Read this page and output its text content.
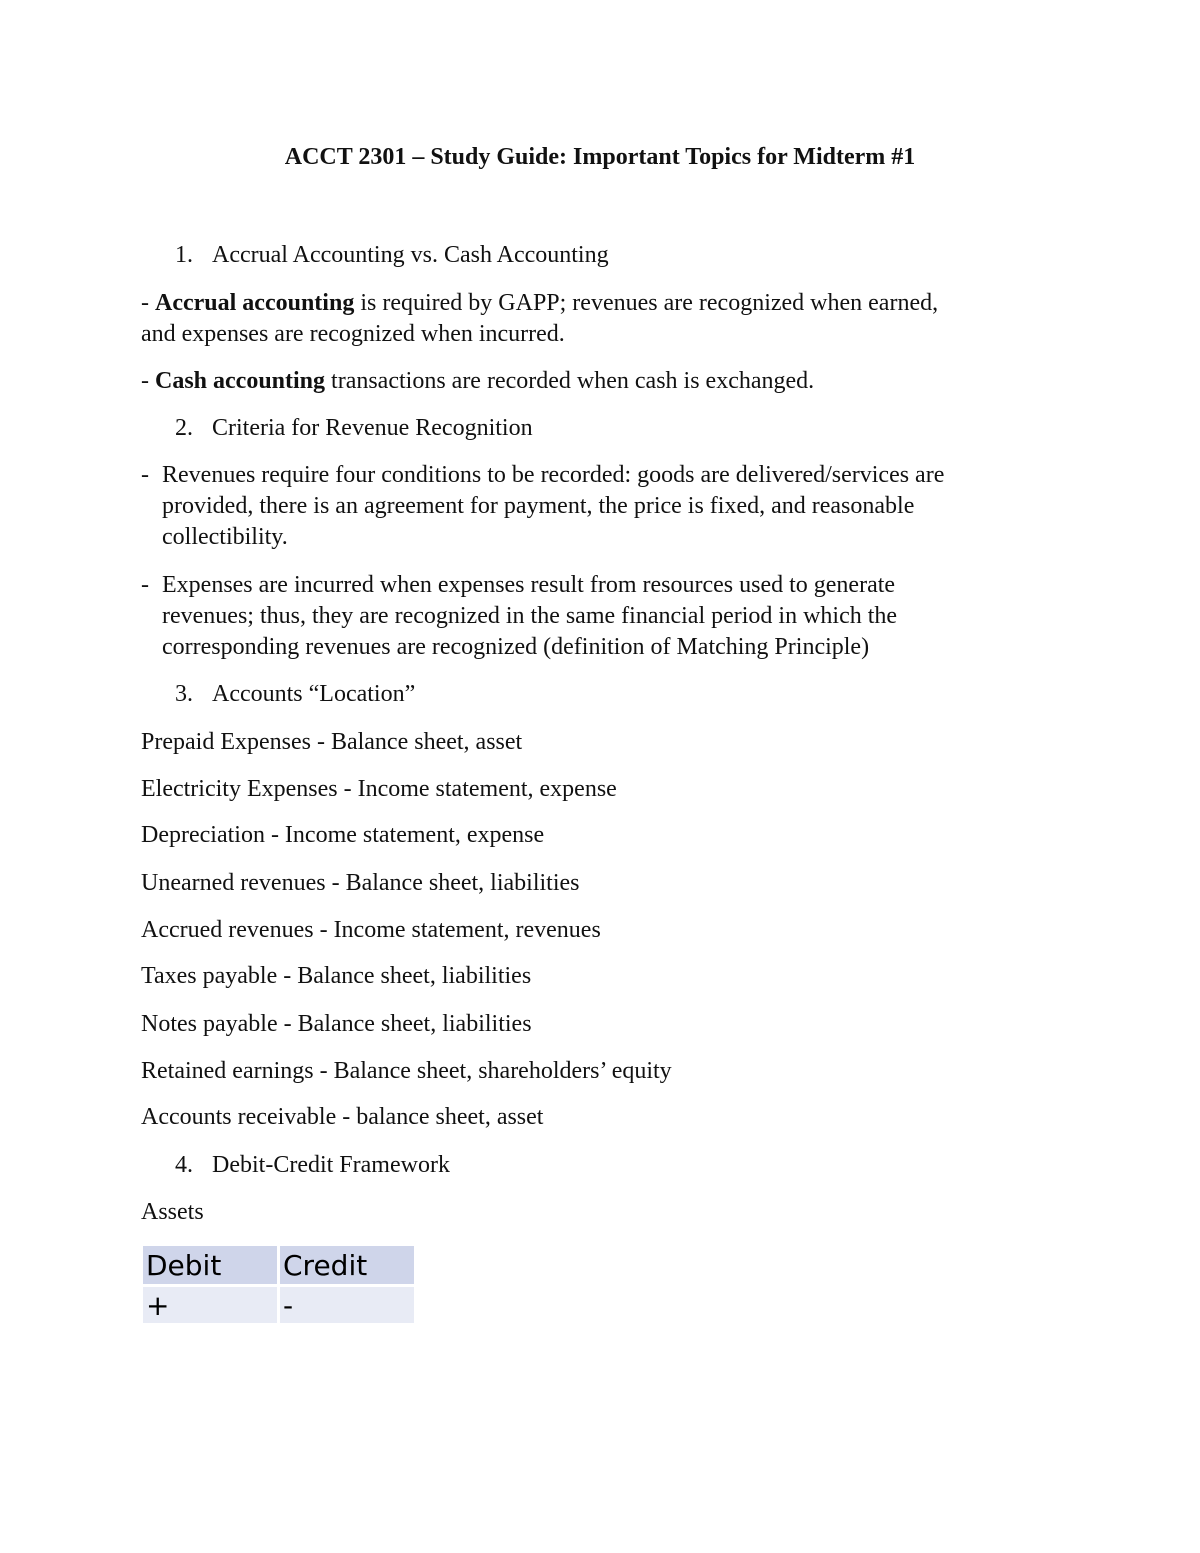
ACCT 2301 – Study Guide: Important Topics for Midterm #1
1. Accrual Accounting vs. Cash Accounting
- Accrual accounting is required by GAPP; revenues are recognized when earned,
and expenses are recognized when incurred.
- Cash accounting transactions are recorded when cash is exchanged.
2. Criteria for Revenue Recognition
- Revenues require four conditions to be recorded: goods are delivered/services are
provided, there is an agreement for payment, the price is fixed, and reasonable
collectibility.
- Expenses are incurred when expenses result from resources used to generate
revenues; thus, they are recognized in the same financial period in which the
corresponding revenues are recognized (definition of Matching Principle)
3. Accounts “Location”
Prepaid Expenses - Balance sheet, asset
Electricity Expenses - Income statement, expense
Depreciation - Income statement, expense
Unearned revenues - Balance sheet, liabilities
Accrued revenues - Income statement, revenues
Taxes payable - Balance sheet, liabilities
Notes payable - Balance sheet, liabilities
Retained earnings - Balance sheet, shareholders’ equity
Accounts receivable - balance sheet, asset
4. Debit-Credit Framework
Assets
Debit	Credit
+	-
